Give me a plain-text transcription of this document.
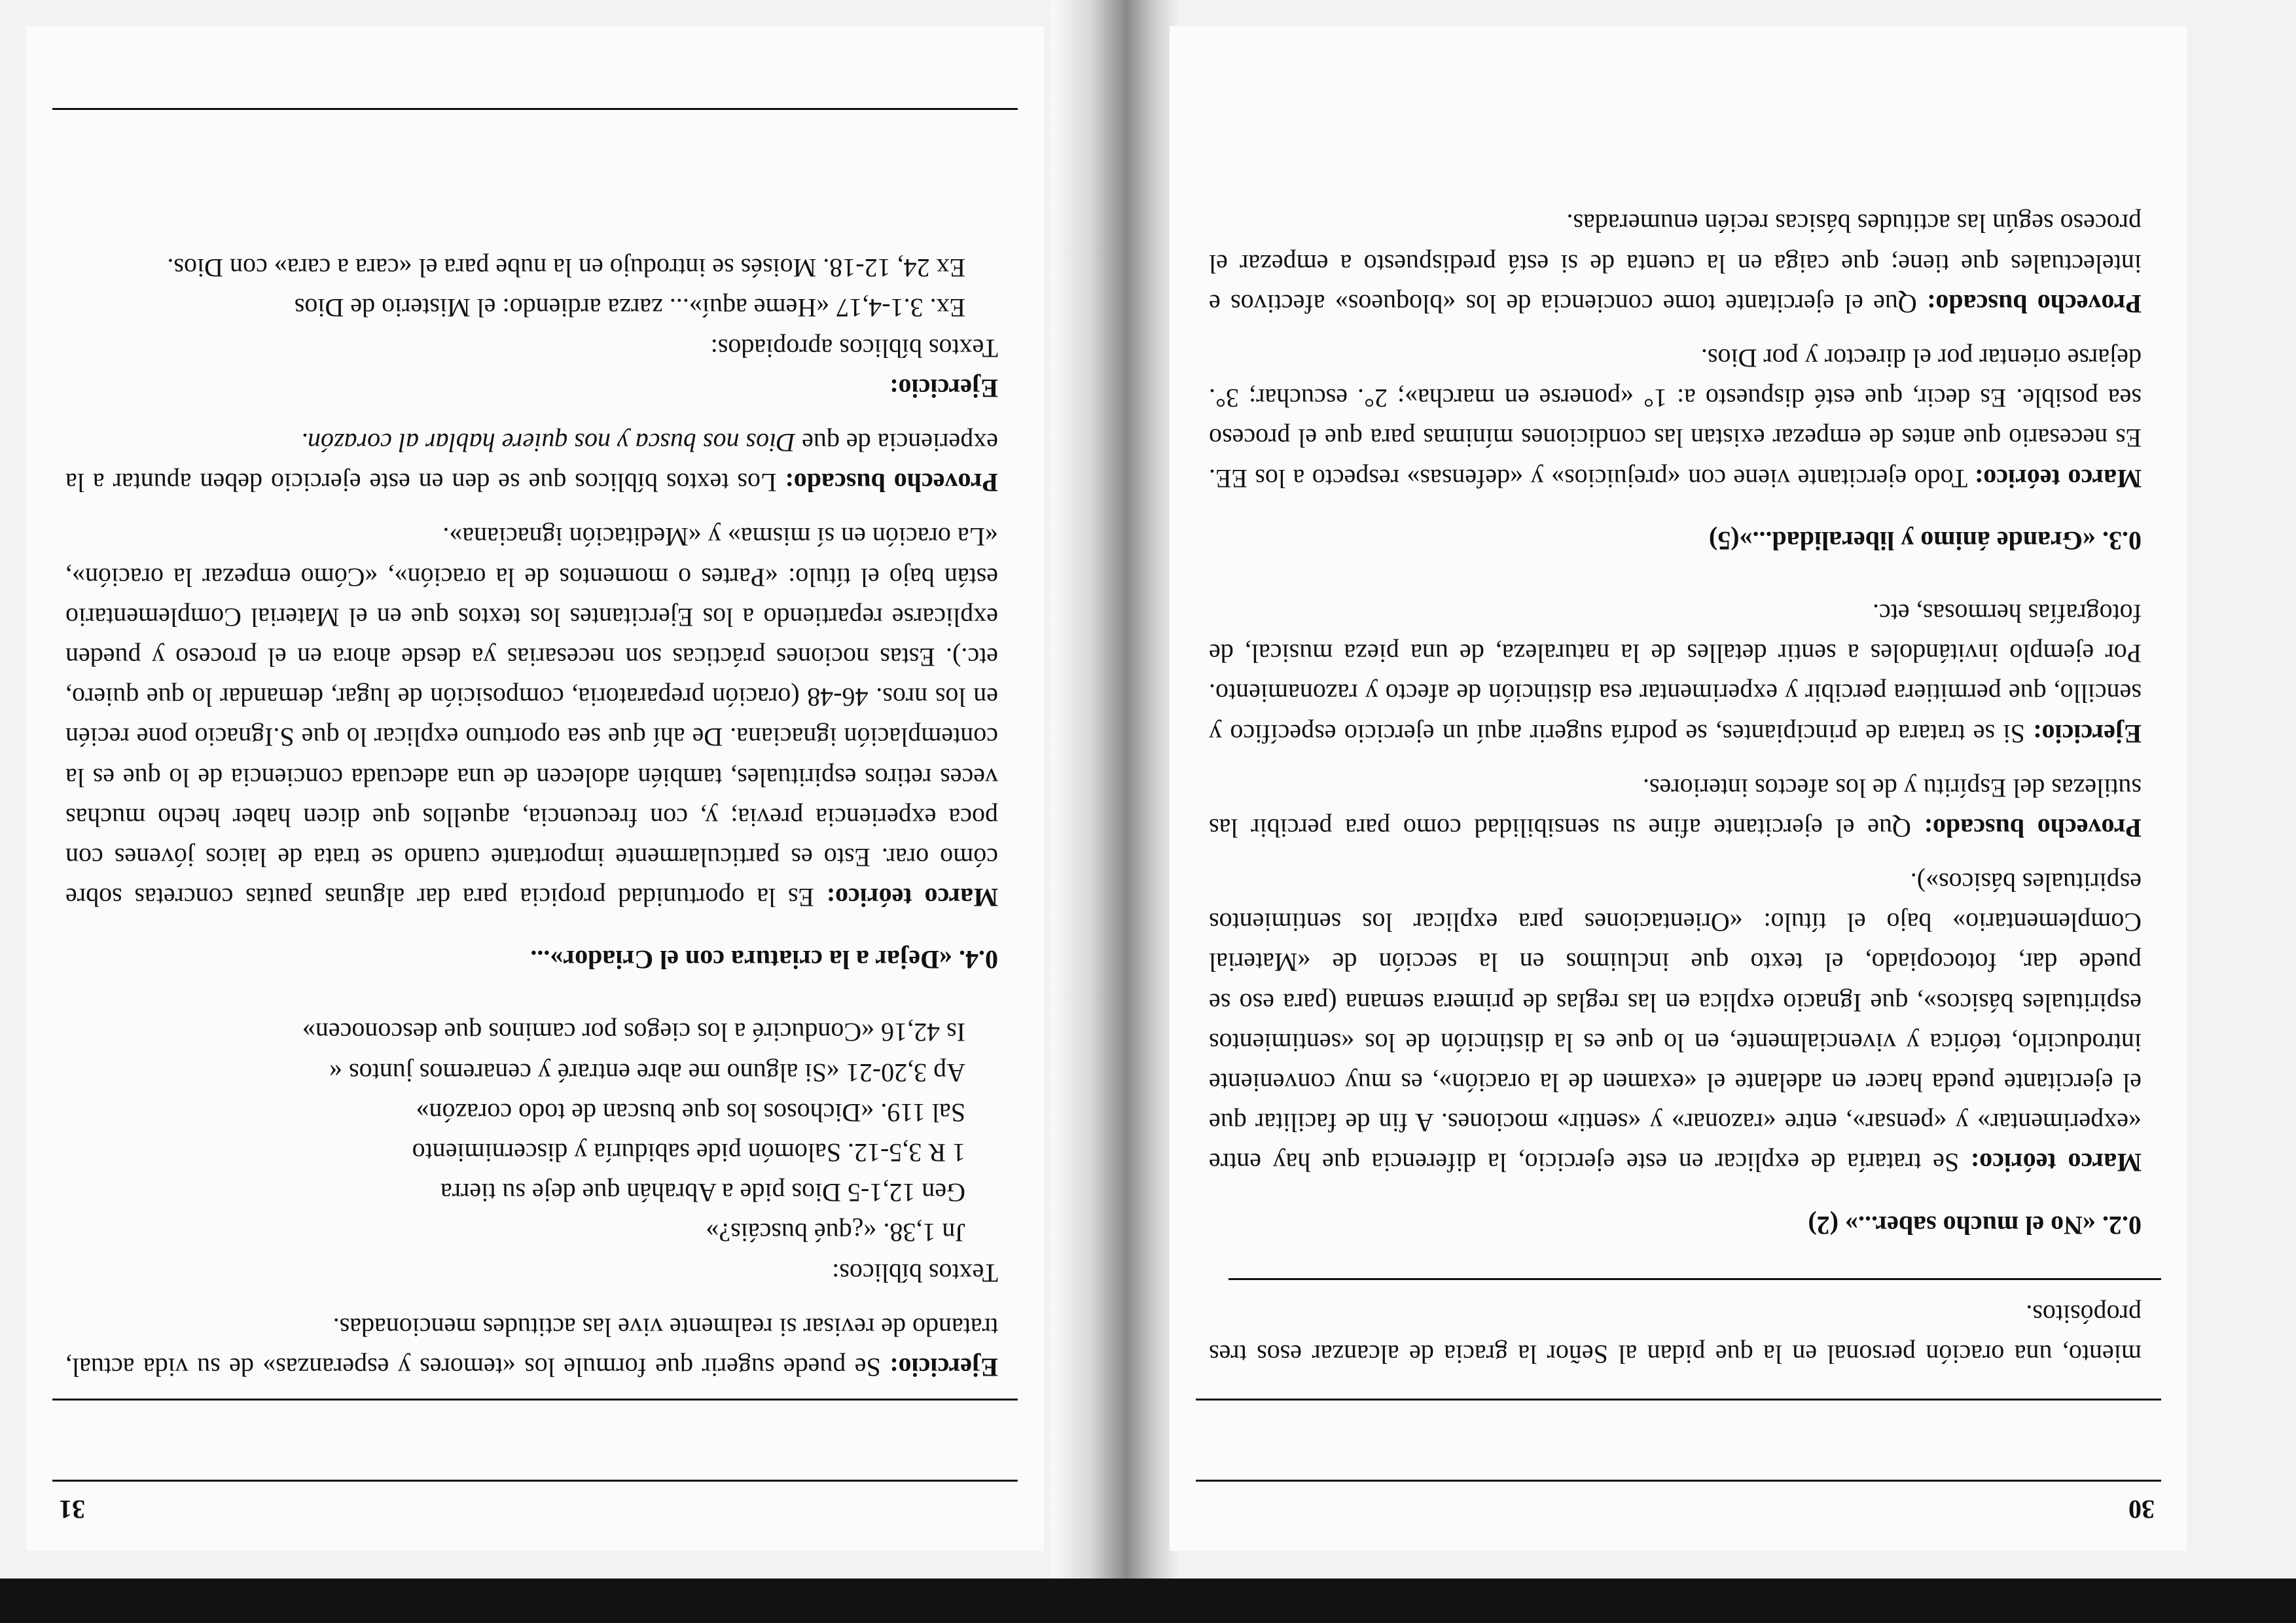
30

miento, una oración personal en la que pidan al Señor la gracia de alcanzar esos tres propósitos.

0.2. «No el mucho saber...» (2)

Marco teórico: Se trataría de explicar en este ejercicio, la diferencia que hay entre «experimentar» y «pensar», entre «razonar» y «sentir» mociones. A fin de facilitar que el ejercitante pueda hacer en adelante el «examen de la oración», es muy conveniente introducirlo, teórica y vivencialmente, en lo que es la distinción de los «sentimientos espirituales básicos», que Ignacio explica en las reglas de primera semana (para eso se puede dar, fotocopiado, el texto que incluimos en la sección de «Material Complementario» bajo el título: «Orientaciones para explicar los sentimientos espirituales básicos»).

Provecho buscado: Que el ejercitante afine su sensibilidad como para percibir las sutilezas del Espíritu y de los afectos interiores.

Ejercicio: Si se tratara de principiantes, se podría sugerir aquí un ejercicio específico y sencillo, que permitiera percibir y experimentar esa distinción de afecto y razonamiento. Por ejemplo invitándoles a sentir detalles de la naturaleza, de una pieza musical, de fotografías hermosas, etc.

0.3. «Grande ánimo y liberalidad...»(5)

Marco teórico: Todo ejercitante viene con «prejuicios» y «defensas» respecto a los EE. Es necesario que antes de empezar existan las condiciones mínimas para que el proceso sea posible. Es decir, que esté dispuesto a: 1° «ponerse en marcha»; 2°. escuchar; 3°. dejarse orientar por el director y por Dios.

Provecho buscado: Que el ejercitante tome conciencia de los «bloqueos» afectivos e intelectuales que tiene; que caiga en la cuenta de si está predispuesto a empezar el proceso según las actitudes básicas recién enumeradas.

31

Ejercicio: Se puede sugerir que formule los «temores y esperanzas» de su vida actual, tratando de revisar si realmente vive las actitudes mencionadas.

Textos bíblicos:
Jn 1,38. «¿qué buscáis?»
Gen 12,1-5 Dios pide a Abrahán que deje su tierra
1 R 3,5-12. Salomón pide sabiduría y discernimiento
Sal 119. «Dichosos los que buscan de todo corazón»
Ap 3,20-21 «Si alguno me abre entraré y cenaremos juntos «
Is 42,16 «Conduciré a los ciegos por caminos que desconocen»

0.4. «Dejar a la criatura con el Criador»...

Marco teórico: Es la oportunidad propicia para dar algunas pautas concretas sobre cómo orar. Esto es particularmente importante cuando se trata de laicos jóvenes con poca experiencia previa; y, con frecuencia, aquellos que dicen haber hecho muchas veces retiros espirituales, también adolecen de una adecuada conciencia de lo que es la contemplación ignaciana. De ahí que sea oportuno explicar lo que S.Ignacio pone recién en los nros. 46-48 (oración preparatoria, composición de lugar, demandar lo que quiero, etc.). Estas nociones prácticas son necesarias ya desde ahora en el proceso y pueden explicarse repartiendo a los Ejercitantes los textos que en el Material Complementario están bajo el título: «Partes o momentos de la oración», «Cómo empezar la oración», «La oración en sí misma» y «Meditación ignaciana».

Provecho buscado: Los textos bíblicos que se den en este ejercicio deben apuntar a la experiencia de que Dios nos busca y nos quiere hablar al corazón.

Ejercicio:
Textos bíblicos apropiados:
Ex. 3.1-4,17 «Heme aquí»... zarza ardiendo: el Misterio de Dios
Ex 24, 12-18. Moisés se introdujo en la nube para el «cara a cara» con Dios.
